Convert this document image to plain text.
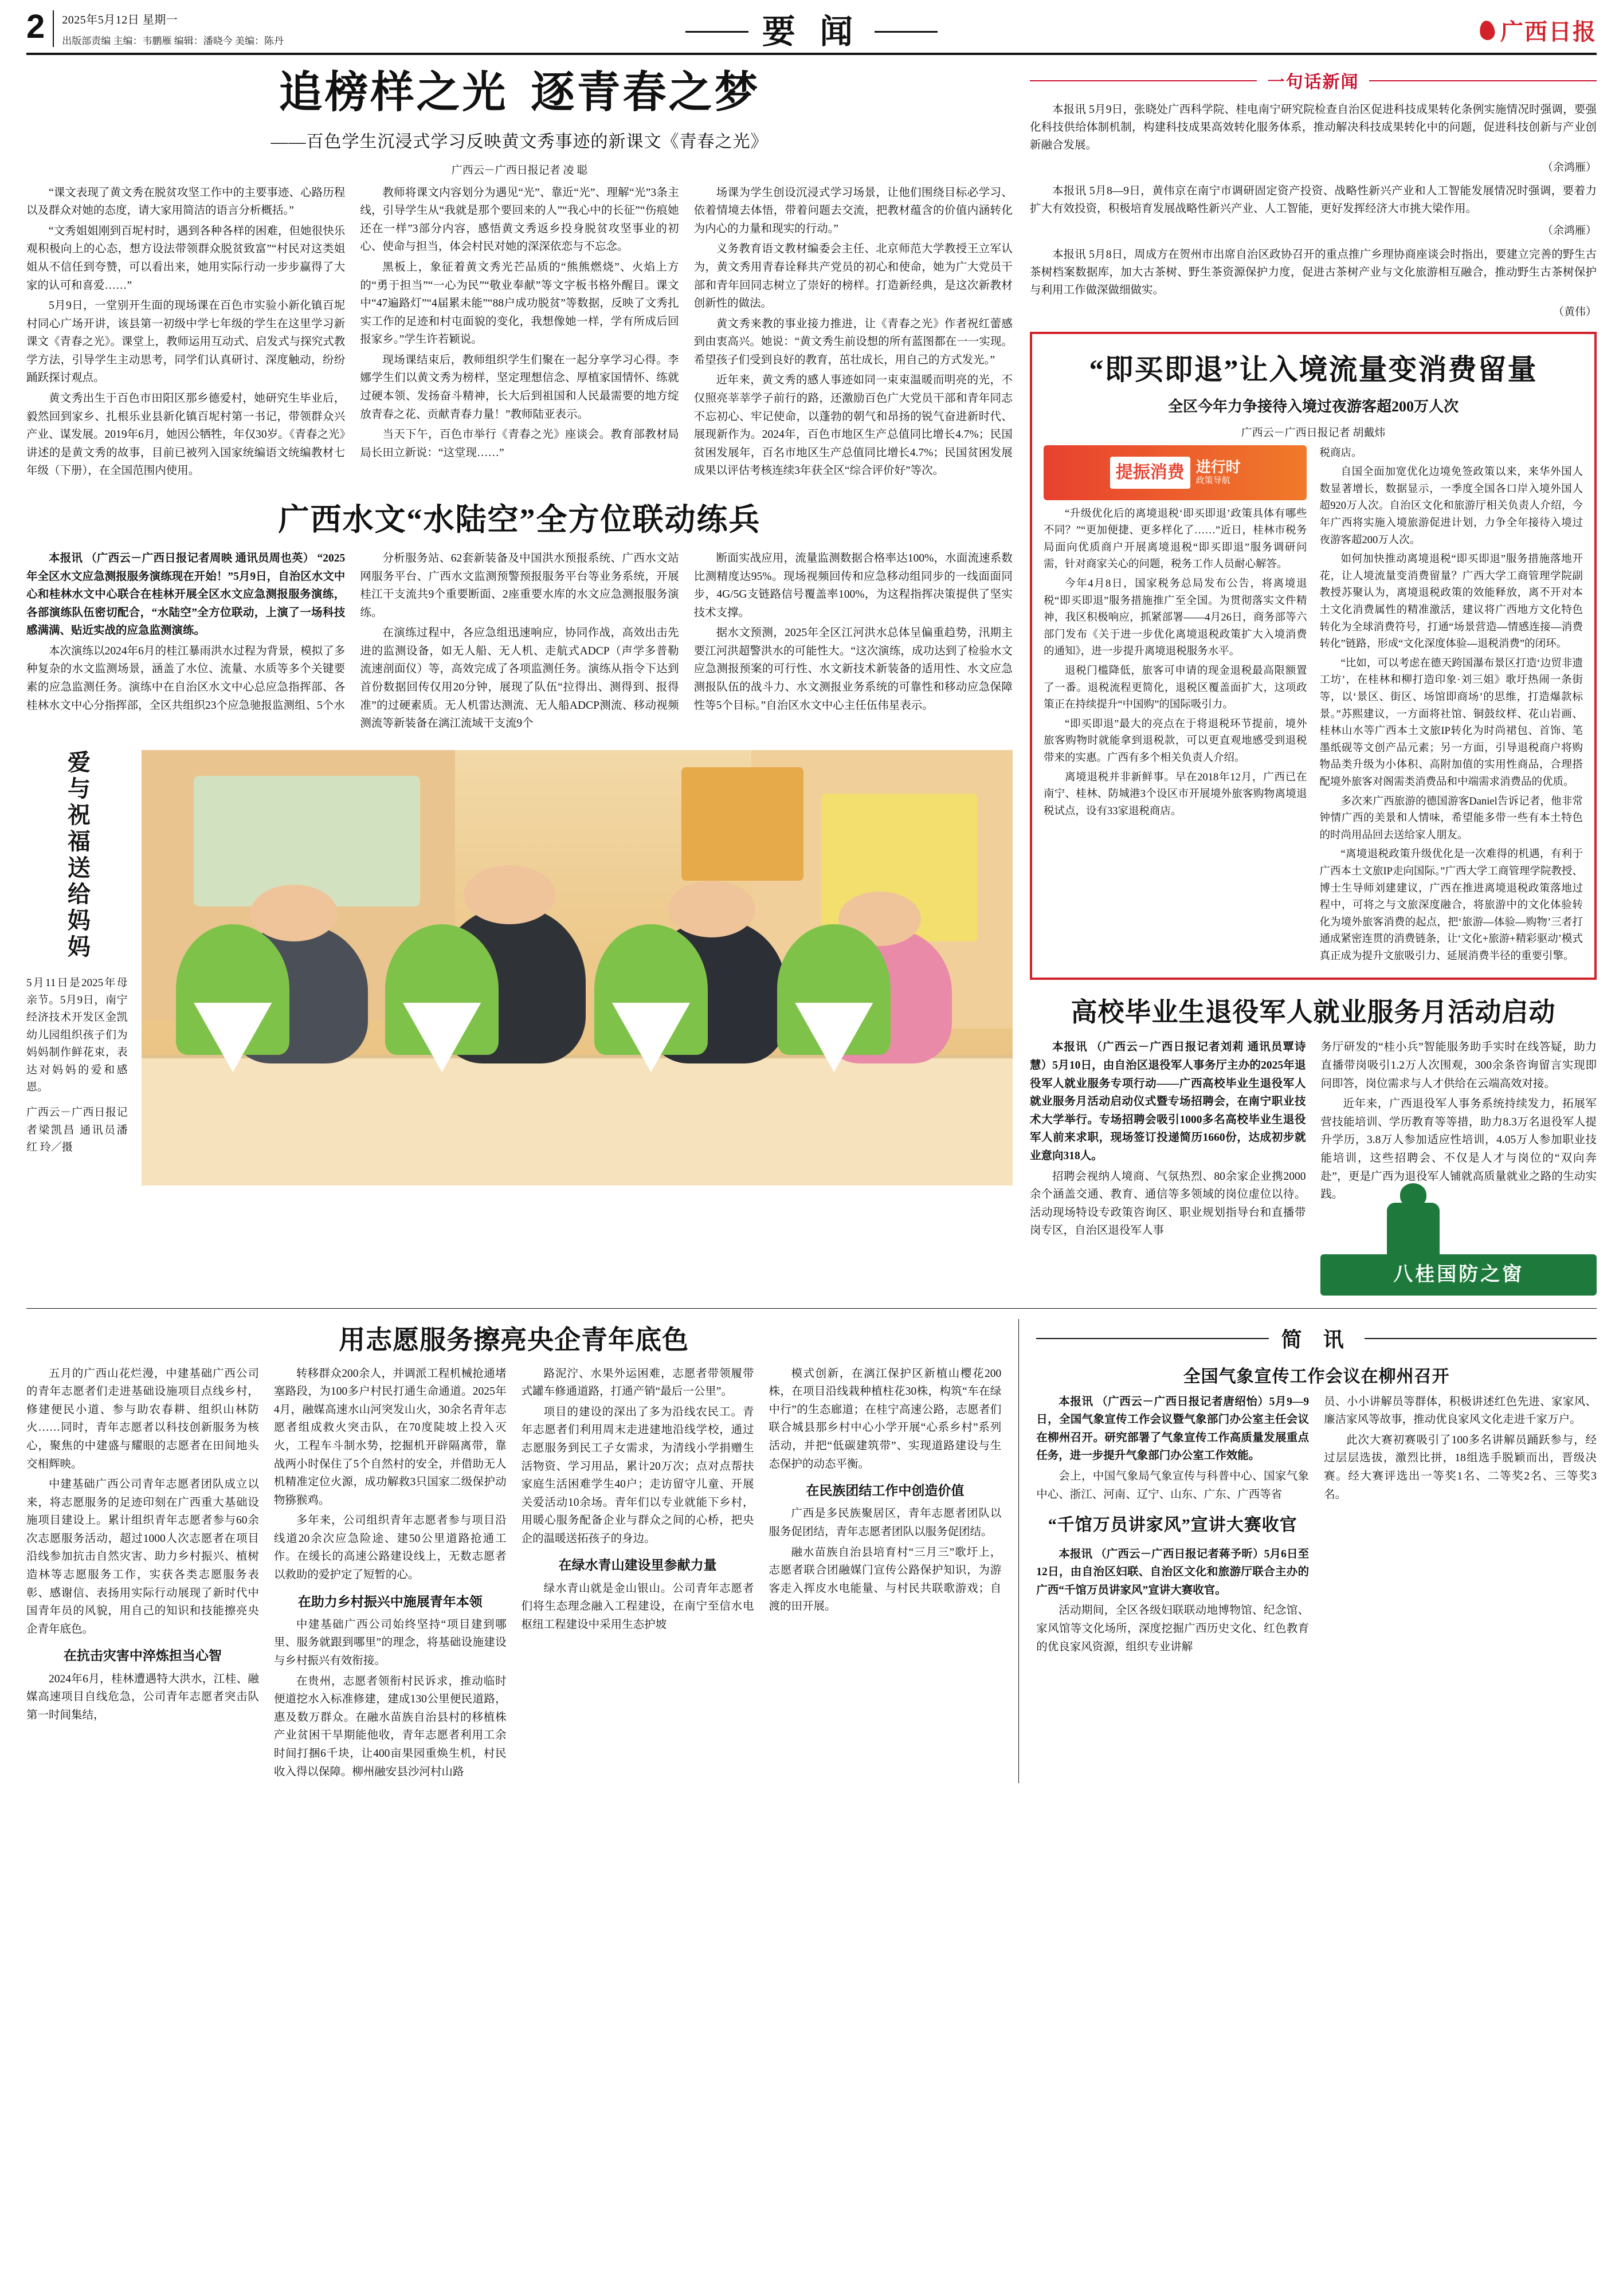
2	2025年5月12日 星期一
出版部责编 主编：韦鹏雁 编辑：潘晓今 美编：陈丹	要 闻	广西日报
追榜样之光 逐青春之梦
——百色学生沉浸式学习反映黄文秀事迹的新课文《青春之光》
广西云－广西日报记者 凌 聪

“课文表现了黄文秀在脱贫攻坚工作中的主要事迹、心路历程以及群众对她的态度，请大家用简洁的语言分析概括。”

“文秀姐姐刚到百坭村时，遇到各种各样的困难，但她很快乐观积极向上的心态，想方设法带领群众脱贫致富”“村民对这类姐姐从不信任到夸赞，可以看出来，她用实际行动一步步赢得了大家的认可和喜爱……”

5月9日，一堂别开生面的现场课在百色市实验小新化镇百坭村同心广场开讲，该县第一初级中学七年级的学生在这里学习新课文《青春之光》。课堂上，教师运用互动式、启发式与探究式教学方法，引导学生主动思考，同学们认真研讨、深度触动，纷纷踊跃探讨观点。

黄文秀出生于百色市田阳区那乡德爱村，她研究生毕业后，毅然回到家乡、扎根乐业县新化镇百坭村第一书记，带领群众兴产业、谋发展。2019年6月，她因公牺牲，年仅30岁。《青春之光》讲述的是黄文秀的故事，目前已被列入国家统编语文统编教材七年级（下册），在全国范围内使用。

教师将课文内容划分为遇见“光”、靠近“光”、理解“光”3条主线，引导学生从“我就是那个要回来的人”“我心中的长征”“伤痕她还在一样”3部分内容，感悟黄文秀返乡投身脱贫攻坚事业的初心、使命与担当，体会村民对她的深深依恋与不忘念。

黑板上，象征着黄文秀光芒品质的“熊熊燃烧”、火焰上方的“勇于担当”“一心为民”“敬业奉献”等文字板书格外醒目。课文中“47遍路灯”“4届累未能”“88户成功脱贫”等数据，反映了文秀扎实工作的足迹和村屯面貌的变化，我想像她一样，学有所成后回报家乡。”学生许若颖说。

现场课结束后，教师组织学生们聚在一起分享学习心得。李娜学生们以黄文秀为榜样，坚定理想信念、厚植家国情怀、练就过硬本领、发扬奋斗精神，长大后到祖国和人民最需要的地方绽放青春之花、贡献青春力量！”教师陆亚表示。

当天下午，百色市举行《青春之光》座谈会。教育部教材局局长田立新说：“这堂现……”

场课为学生创设沉浸式学习场景，让他们围绕目标必学习、依着情境去体悟，带着问题去交流，把教材蕴含的价值内涵转化为内心的力量和现实的行动。”

义务教育语文教材编委会主任、北京师范大学教授王立军认为，黄文秀用青春诠释共产党员的初心和使命，她为广大党员干部和青年回同志树立了崇好的榜样。打造新经典，是这次新教材创新性的做法。

黄文秀来教的事业接力推进，让《青春之光》作者祝红蕾感到由衷高兴。她说：“黄文秀生前设想的所有蓝图都在一一实现。希望孩子们受到良好的教育，茁壮成长，用自己的方式发光。”

近年来，黄文秀的感人事迹如同一束束温暖而明亮的光，不仅照亮莘莘学子前行的路，还激励百色广大党员干部和青年同志不忘初心、牢记使命，以蓬勃的朝气和昂扬的锐气奋进新时代、展现新作为。2024年，百色市地区生产总值同比增长4.7%；民国贫困发展年，百名市地区生产总值同比增长4.7%；民国贫困发展成果以评估考核连续3年获全区“综合评价好”等次。

广西水文“水陆空”全方位联动练兵

本报讯 （广西云－广西日报记者周映 通讯员周也英） “2025年全区水文应急测报服务演练现在开始！”5月9日，自治区水文中心和桂林水文中心联合在桂林开展全区水文应急测报服务演练，各部演练队伍密切配合，“水陆空”全方位联动，上演了一场科技感满满、贴近实战的应急监测演练。

本次演练以2024年6月的桂江暴雨洪水过程为背景，模拟了多种复杂的水文监测场景，涵盖了水位、流量、水质等多个关键要素的应急监测任务。演练中在自治区水文中心总应急指挥部、各桂林水文中心分指挥部，全区共组织23个应急驰报监测组、5个水

分析服务站、62套新装备及中国洪水预报系统、广西水文站网服务平台、广西水文监测预警预报服务平台等业务系统，开展桂江干支流共9个重要断面、2座重要水库的水文应急测报服务演练。

在演练过程中，各应急组迅速响应，协同作战，高效出击先进的监测设备，如无人船、无人机、走航式ADCP（声学多普勒流速剖面仪）等，高效完成了各项监测任务。演练从指令下达到首份数据回传仅用20分钟，展现了队伍“拉得出、测得到、报得准”的过硬素质。无人机雷达测流、无人船ADCP测流、移动视频测流等新装备在漓江流域干支流9个

断面实战应用，流量监测数据合格率达100%，水面流速系数比测精度达95%。现场视频回传和应急移动组同步的一线面面同步，4G/5G支链路信号覆盖率100%，为这程指挥决策提供了坚实技术支撑。

据水文预测，2025年全区江河洪水总体呈偏重趋势，汛期主要江河洪超警洪水的可能性大。“这次演练，成功达到了检验水文应急测报预案的可行性、水文新技术新装备的适用性、水文应急测报队伍的战斗力、水文测报业务系统的可靠性和移动应急保障性等5个目标。”自治区水文中心主任伍伟星表示。

爱与祝福送给妈妈
5月11日是2025年母亲节。5月9日，南宁经济技术开发区金凯幼儿园组织孩子们为妈妈制作鲜花束，表达对妈妈的爱和感恩。
广西云－广西日报记者梁凯昌 通讯员潘 红 玲／摄
一句话新闻

本报讯 5月9日，张晓处广西科学院、桂电南宁研究院检查自治区促进科技成果转化条例实施情况时强调，要强化科技供给体制机制，构建科技成果高效转化服务体系，推动解决科技成果转化中的问题，促进科技创新与产业创新融合发展。

（余鸿雁）

本报讯 5月8—9日，黄伟京在南宁市调研固定资产投资、战略性新兴产业和人工智能发展情况时强调，要着力扩大有效投资，积极培育发展战略性新兴产业、人工智能，更好发挥经济大市挑大梁作用。

（余鸿雁）

本报讯 5月8日，周成方在贺州市出席自治区政协召开的重点推广乡理协商座谈会时指出，要建立完善的野生古茶树档案数据库，加大古茶树、野生茶资源保护力度，促进古茶树产业与文化旅游相互融合，推动野生古茶树保护与利用工作做深做细做实。

（黄伟）
“即买即退”让入境流量变消费留量
全区今年力争接待入境过夜游客超200万人次
广西云－广西日报记者 胡戴炜
提振消费 进行时
政策导航

“升级优化后的离境退税‘即买即退’政策具体有哪些不同？”“更加便捷、更多样化了……”近日，桂林市税务局面向优质商户开展离境退税“即买即退”服务调研问需，针对商家关心的问题，税务工作人员耐心解答。

今年4月8日，国家税务总局发布公告，将离境退税“即买即退”服务措施推广至全国。为贯彻落实文件精神，我区积极响应，抓紧部署——4月26日，商务部等六部门发布《关于进一步优化离境退税政策扩大入境消费的通知》，进一步提升离境退税服务水平。

退税门槛降低，旅客可申请的现金退税最高限额置了一番。退税流程更简化，退税区覆盖面扩大，这项政策正在持续提升“中国购”的国际吸引力。

“即买即退”最大的亮点在于将退税环节提前，境外旅客购物时就能拿到退税款，可以更直观地感受到退税带来的实惠。广西有多个相关负责人介绍。

离境退税并非新鲜事。早在2018年12月，广西已在南宁、桂林、防城港3个设区市开展境外旅客购物离境退税试点，设有33家退税商店。

税商店。

自国全面加宽优化边境免签政策以来，来华外国人数显著增长，数据显示，一季度全国各口岸入境外国人超920万人次。自治区文化和旅游厅相关负责人介绍，今年广西将实施入境旅游促进计划，力争全年接待入境过夜游客超200万人次。

如何加快推动离境退税“即买即退”服务措施落地开花，让人境流量变消费留量？广西大学工商管理学院副教授苏聚认为，离境退税政策的效能释放，离不开对本土文化消费属性的精准激活，建议将广西地方文化特色转化为全球消费符号，打通“场景营造—情感连接—消费转化”链路，形成“文化深度体验—退税消费”的闭环。

“比如，可以考虑在德天跨国瀑布景区打造‘边贸非遗工坊’，在桂林和柳打造印象·刘三姐》歌圩热闹一条街等，以‘景区、街区、场馆即商场’的思维，打造爆款标景。”苏熙建议，一方面将社馆、铜鼓纹样、花山岩画、桂林山水等广西本土文旅IP转化为时尚裙包、首饰、笔墨纸砚等文创产品元素；另一方面，引导退税商户将购物品类升级为小体积、高附加值的实用性商品，合理搭配境外旅客对阁需类消费品和中端需求消费品的优质。

多次来广西旅游的德国游客Daniel告诉记者，他非常钟情广西的美景和人情味，希望能多带一些有本土特色的时尚用品回去送给家人朋友。

“离境退税政策升级优化是一次难得的机遇，有利于广西本土文旅IP走向国际。”广西大学工商管理学院教授、博士生导师刘建建议，广西在推进离境退税政策落地过程中，可将之与文旅深度融合，将旅游中的文化体验转化为境外旅客消费的起点，把‘旅游—体验—购物’三者打通成紧密连贯的消费链条，让‘文化+旅游+精彩驱动’模式真正成为提升文旅吸引力、延展消费半径的重要引擎。

高校毕业生退役军人就业服务月活动启动

本报讯 （广西云－广西日报记者刘莉 通讯员覃诗慧）5月10日，由自治区退役军人事务厅主办的2025年退役军人就业服务专项行动——广西高校毕业生退役军人就业服务月活动启动仪式暨专场招聘会，在南宁职业技术大学举行。专场招聘会吸引1000多名高校毕业生退役军人前来求职，现场签订投递简历1660份，达成初步就业意向318人。

招聘会视纳人境商、气氛热烈、80余家企业携2000余个涵盖交通、教育、通信等多领域的岗位虚位以待。活动现场特设专政策咨询区、职业规划指导台和直播带岗专区，自治区退役军人事

务厅研发的“桂小兵”智能服务助手实时在线答疑，助力直播带岗吸引1.2万人次围观，300余条咨询留言实现即问即答，岗位需求与人才供给在云端高效对接。

近年来，广西退役军人事务系统持续发力，拓展军营技能培训、学历教育等等措，助力8.3万名退役军人提升学历，3.8万人参加适应性培训，4.05万人参加职业技能培训，这些招聘会、不仅是人才与岗位的“双向奔赴”，更是广西为退役军人铺就高质量就业之路的生动实践。

八桂国防之窗
用志愿服务擦亮央企青年底色

五月的广西山花烂漫，中建基础广西公司的青年志愿者们走进基础设施项目点线乡村，修建便民小道、参与助农春耕、组织山林防火……同时，青年志愿者以科技创新服务为核心，聚焦的中建盛与耀眼的志愿者在田间地头交相辉映。

中建基础广西公司青年志愿者团队成立以来，将志愿服务的足迹印刻在广西重大基础设施项目建设上。累计组织青年志愿者参与60余次志愿服务活动，超过1000人次志愿者在项目沿线参加抗击自然灾害、助力乡村振兴、植树造林等志愿服务工作，实获各类志愿服务表彰、感谢信、表扬用实际行动展现了新时代中国青年员的风貌，用自己的知识和技能擦亮央企青年底色。

在抗击灾害中淬炼担当心智

2024年6月，桂林遭遇特大洪水，江桂、融媒高速项目自线危急，公司青年志愿者突击队第一时间集结，

转移群众200余人，并调派工程机械抢通堵塞路段，为100多户村民打通生命通道。2025年4月，融媒高速水山河突发山火，30余名青年志愿者组成救火突击队，在70度陡坡上投入灭火，工程车斗制水势，挖掘机开辟隔离带，靠战两小时保住了5个自然村的安全，并借助无人机精准定位火源，成功解救3只国家二级保护动物猕猴鸡。

多年来，公司组织青年志愿者参与项目沿线道20余次应急险途、建50公里道路抢通工作。在缓长的高速公路建设线上，无数志愿者以救助的爱护定了短暂的心。

在助力乡村振兴中施展青年本领

中建基础广西公司始终坚持“项目建到哪里、服务就跟到哪里”的理念，将基础设施建设与乡村振兴有效衔接。

在贵州，志愿者领衔村民诉求，推动临时便道挖水入标准修建，建成130公里便民道路，惠及数万群众。在融水苗族自治县村的移植株产业贫困干旱期能他收，青年志愿者利用工余时间打捆6千块，让400亩果园重焕生机，村民收入得以保障。柳州融安县沙河村山路

路泥泞、水果外运困难，志愿者带领履带式罐车修通道路，打通产销“最后一公里”。

项目的建设的深出了多为沿线农民工。青年志愿者们利用周末走进建地沿线学校，通过志愿服务到民工子女需求，为清线小学捐赠生活物资、学习用品，累计20万次；点对点帮扶家庭生活困难学生40户；走访留守儿童、开展关爱活动10余场。青年们以专业就能下乡村，用暖心服务配备企业与群众之间的心桥，把央企的温暖送拓孩子的身边。

在绿水青山建设里参献力量

绿水青山就是金山银山。公司青年志愿者们将生态理念融入工程建设，在南宁至信水电枢纽工程建设中采用生态护坡

模式创新，在漓江保护区新植山樱花200株，在项目沿线栽种植柱花30株，构筑“车在绿中行”的生态廊道；在桂宁高速公路，志愿者们联合城县那乡村中心小学开展“心系乡村”系列活动，并把“低碳建筑带”、实现道路建设与生态保护的动态平衡。

在民族团结工作中创造价值

广西是多民族聚居区，青年志愿者团队以服务促团结，青年志愿者团队以服务促团结。

融水苗族自治县培育村“三月三”歌圩上，志愿者联合团融媒门宣传公路保护知识，为游客走入挥皮水电能量、与村民共联歌游戏；自渡的田开展。

简 讯
全国气象宣传工作会议在柳州召开

本报讯 （广西云－广西日报记者唐绍怡）5月9—9日，全国气象宣传工作会议暨气象部门办公室主任会议在柳州召开。研究部署了气象宣传工作高质量发展重点任务，进一步提升气象部门办公室工作效能。

会上，中国气象局气象宣传与科普中心、国家气象中心、浙江、河南、辽宁、山东、广东、广西等省

“千馆万员讲家风”宣讲大赛收官

本报讯 （广西云－广西日报记者蒋予昕）5月6日至12日，由自治区妇联、自治区文化和旅游厅联合主办的广西“千馆万员讲家风”宣讲大赛收官。

活动期间，全区各级妇联联动地博物馆、纪念馆、家风馆等文化场所，深度挖掘广西历史文化、红色教育的优良家风资源，组织专业讲解

员、小小讲解员等群体，积极讲述红色先进、家家风、廉洁家风等故事，推动优良家风文化走进千家万户。

此次大赛初赛吸引了100多名讲解员踊跃参与，经过层层选拔，激烈比拼，18组选手脱颖而出，晋级决赛。经大赛评选出一等奖1名、二等奖2名、三等奖3名。
